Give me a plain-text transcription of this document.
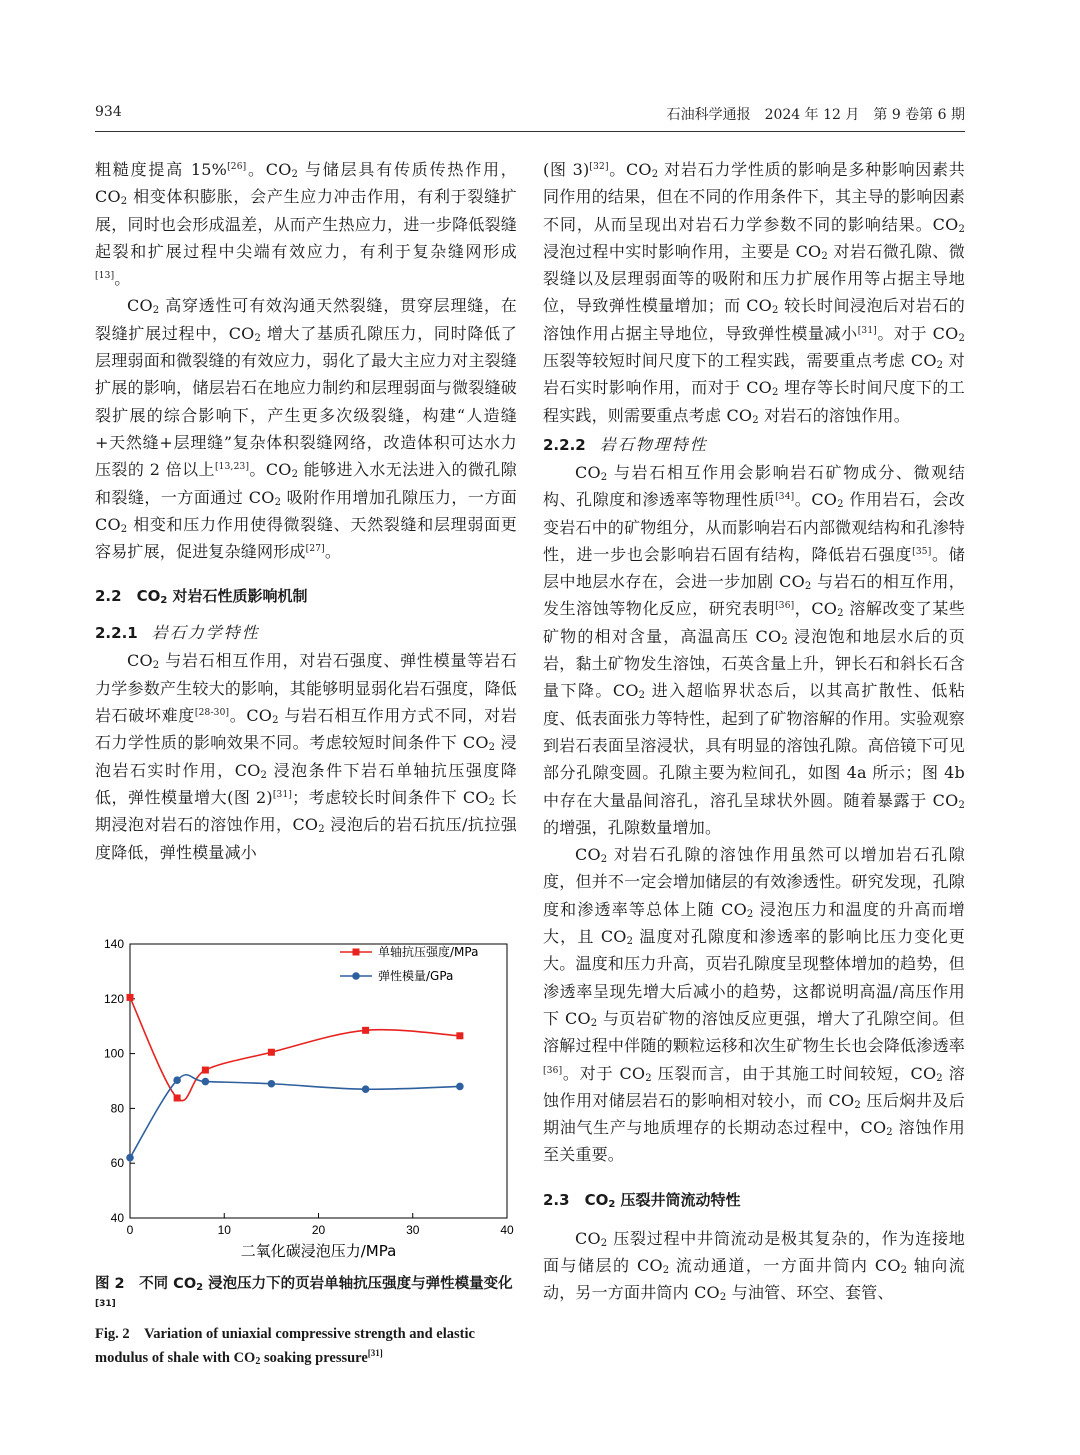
934	石油科学通报　2024 年 12 月　第 9 卷第 6 期

粗糙度提高 15%[26]。$CO_2$ 与储层具有传质传热作用，$CO_2$ 相变体积膨胀，会产生应力冲击作用，有利于裂缝扩展，同时也会形成温差，从而产生热应力，进一步降低裂缝起裂和扩展过程中尖端有效应力，有利于复杂缝网形成[13]。

$CO_2$ 高穿透性可有效沟通天然裂缝，贯穿层理缝，在裂缝扩展过程中，$CO_2$ 增大了基质孔隙压力，同时降低了层理弱面和微裂缝的有效应力，弱化了最大主应力对主裂缝扩展的影响，储层岩石在地应力制约和层理弱面与微裂缝破裂扩展的综合影响下，产生更多次级裂缝，构建“人造缝+天然缝+层理缝”复杂体积裂缝网络，改造体积可达水力压裂的 2 倍以上[13,23]。$CO_2$ 能够进入水无法进入的微孔隙和裂缝，一方面通过 $CO_2$ 吸附作用增加孔隙压力，一方面 $CO_2$ 相变和压力作用使得微裂缝、天然裂缝和层理弱面更容易扩展，促进复杂缝网形成[27]。

2.2　$CO_2$ 对岩石性质影响机制
2.2.1 岩石力学特性

$CO_2$ 与岩石相互作用，对岩石强度、弹性模量等岩石力学参数产生较大的影响，其能够明显弱化岩石强度，降低岩石破坏难度[28-30]。$CO_2$ 与岩石相互作用方式不同，对岩石力学性质的影响效果不同。考虑较短时间条件下 $CO_2$ 浸泡岩石实时作用，$CO_2$ 浸泡条件下岩石单轴抗压强度降低，弹性模量增大(图 2)[31]；考虑较长时间条件下 $CO_2$ 长期浸泡对岩石的溶蚀作用，$CO_2$ 浸泡后的岩石抗压/抗拉强度降低，弹性模量减小

0	10	20	30	40
40
60
80
100
120
140
二氧化碳浸泡压力/MPa
单轴抗压强度/MPa
弹性模量/GPa
图 2　不同 $CO_2$ 浸泡压力下的页岩单轴抗压强度与弹性模量变化[31]
Fig. 2　Variation of uniaxial compressive strength and elastic modulus of shale with $CO_2$ soaking pressure[31]

(图 3)[32]。$CO_2$ 对岩石力学性质的影响是多种影响因素共同作用的结果，但在不同的作用条件下，其主导的影响因素不同，从而呈现出对岩石力学参数不同的影响结果。$CO_2$ 浸泡过程中实时影响作用，主要是 $CO_2$ 对岩石微孔隙、微裂缝以及层理弱面等的吸附和压力扩展作用等占据主导地位，导致弹性模量增加；而 $CO_2$ 较长时间浸泡后对岩石的溶蚀作用占据主导地位，导致弹性模量减小[31]。对于 $CO_2$ 压裂等较短时间尺度下的工程实践，需要重点考虑 $CO_2$ 对岩石实时影响作用，而对于 $CO_2$ 埋存等长时间尺度下的工程实践，则需要重点考虑 $CO_2$ 对岩石的溶蚀作用。

2.2.2 岩石物理特性

$CO_2$ 与岩石相互作用会影响岩石矿物成分、微观结构、孔隙度和渗透率等物理性质[34]。$CO_2$ 作用岩石，会改变岩石中的矿物组分，从而影响岩石内部微观结构和孔渗特性，进一步也会影响岩石固有结构，降低岩石强度[35]。储层中地层水存在，会进一步加剧 $CO_2$ 与岩石的相互作用，发生溶蚀等物化反应，研究表明[36]，$CO_2$ 溶解改变了某些矿物的相对含量，高温高压 $CO_2$ 浸泡饱和地层水后的页岩，黏土矿物发生溶蚀，石英含量上升，钾长石和斜长石含量下降。$CO_2$ 进入超临界状态后，以其高扩散性、低粘度、低表面张力等特性，起到了矿物溶解的作用。实验观察到岩石表面呈溶浸状，具有明显的溶蚀孔隙。高倍镜下可见部分孔隙变圆。孔隙主要为粒间孔，如图 4a 所示；图 4b 中存在大量晶间溶孔，溶孔呈球状外圆。随着暴露于 $CO_2$ 的增强，孔隙数量增加。

$CO_2$ 对岩石孔隙的溶蚀作用虽然可以增加岩石孔隙度，但并不一定会增加储层的有效渗透性。研究发现，孔隙度和渗透率等总体上随 $CO_2$ 浸泡压力和温度的升高而增大，且 $CO_2$ 温度对孔隙度和渗透率的影响比压力变化更大。温度和压力升高，页岩孔隙度呈现整体增加的趋势，但渗透率呈现先增大后减小的趋势，这都说明高温/高压作用下 $CO_2$ 与页岩矿物的溶蚀反应更强，增大了孔隙空间。但溶解过程中伴随的颗粒运移和次生矿物生长也会降低渗透率[36]。对于 $CO_2$ 压裂而言，由于其施工时间较短，$CO_2$ 溶蚀作用对储层岩石的影响相对较小，而 $CO_2$ 压后焖井及后期油气生产与地质埋存的长期动态过程中，$CO_2$ 溶蚀作用至关重要。

2.3　$CO_2$ 压裂井筒流动特性

$CO_2$ 压裂过程中井筒流动是极其复杂的，作为连接地面与储层的 $CO_2$ 流动通道，一方面井筒内 $CO_2$ 轴向流动，另一方面井筒内 $CO_2$ 与油管、环空、套管、
